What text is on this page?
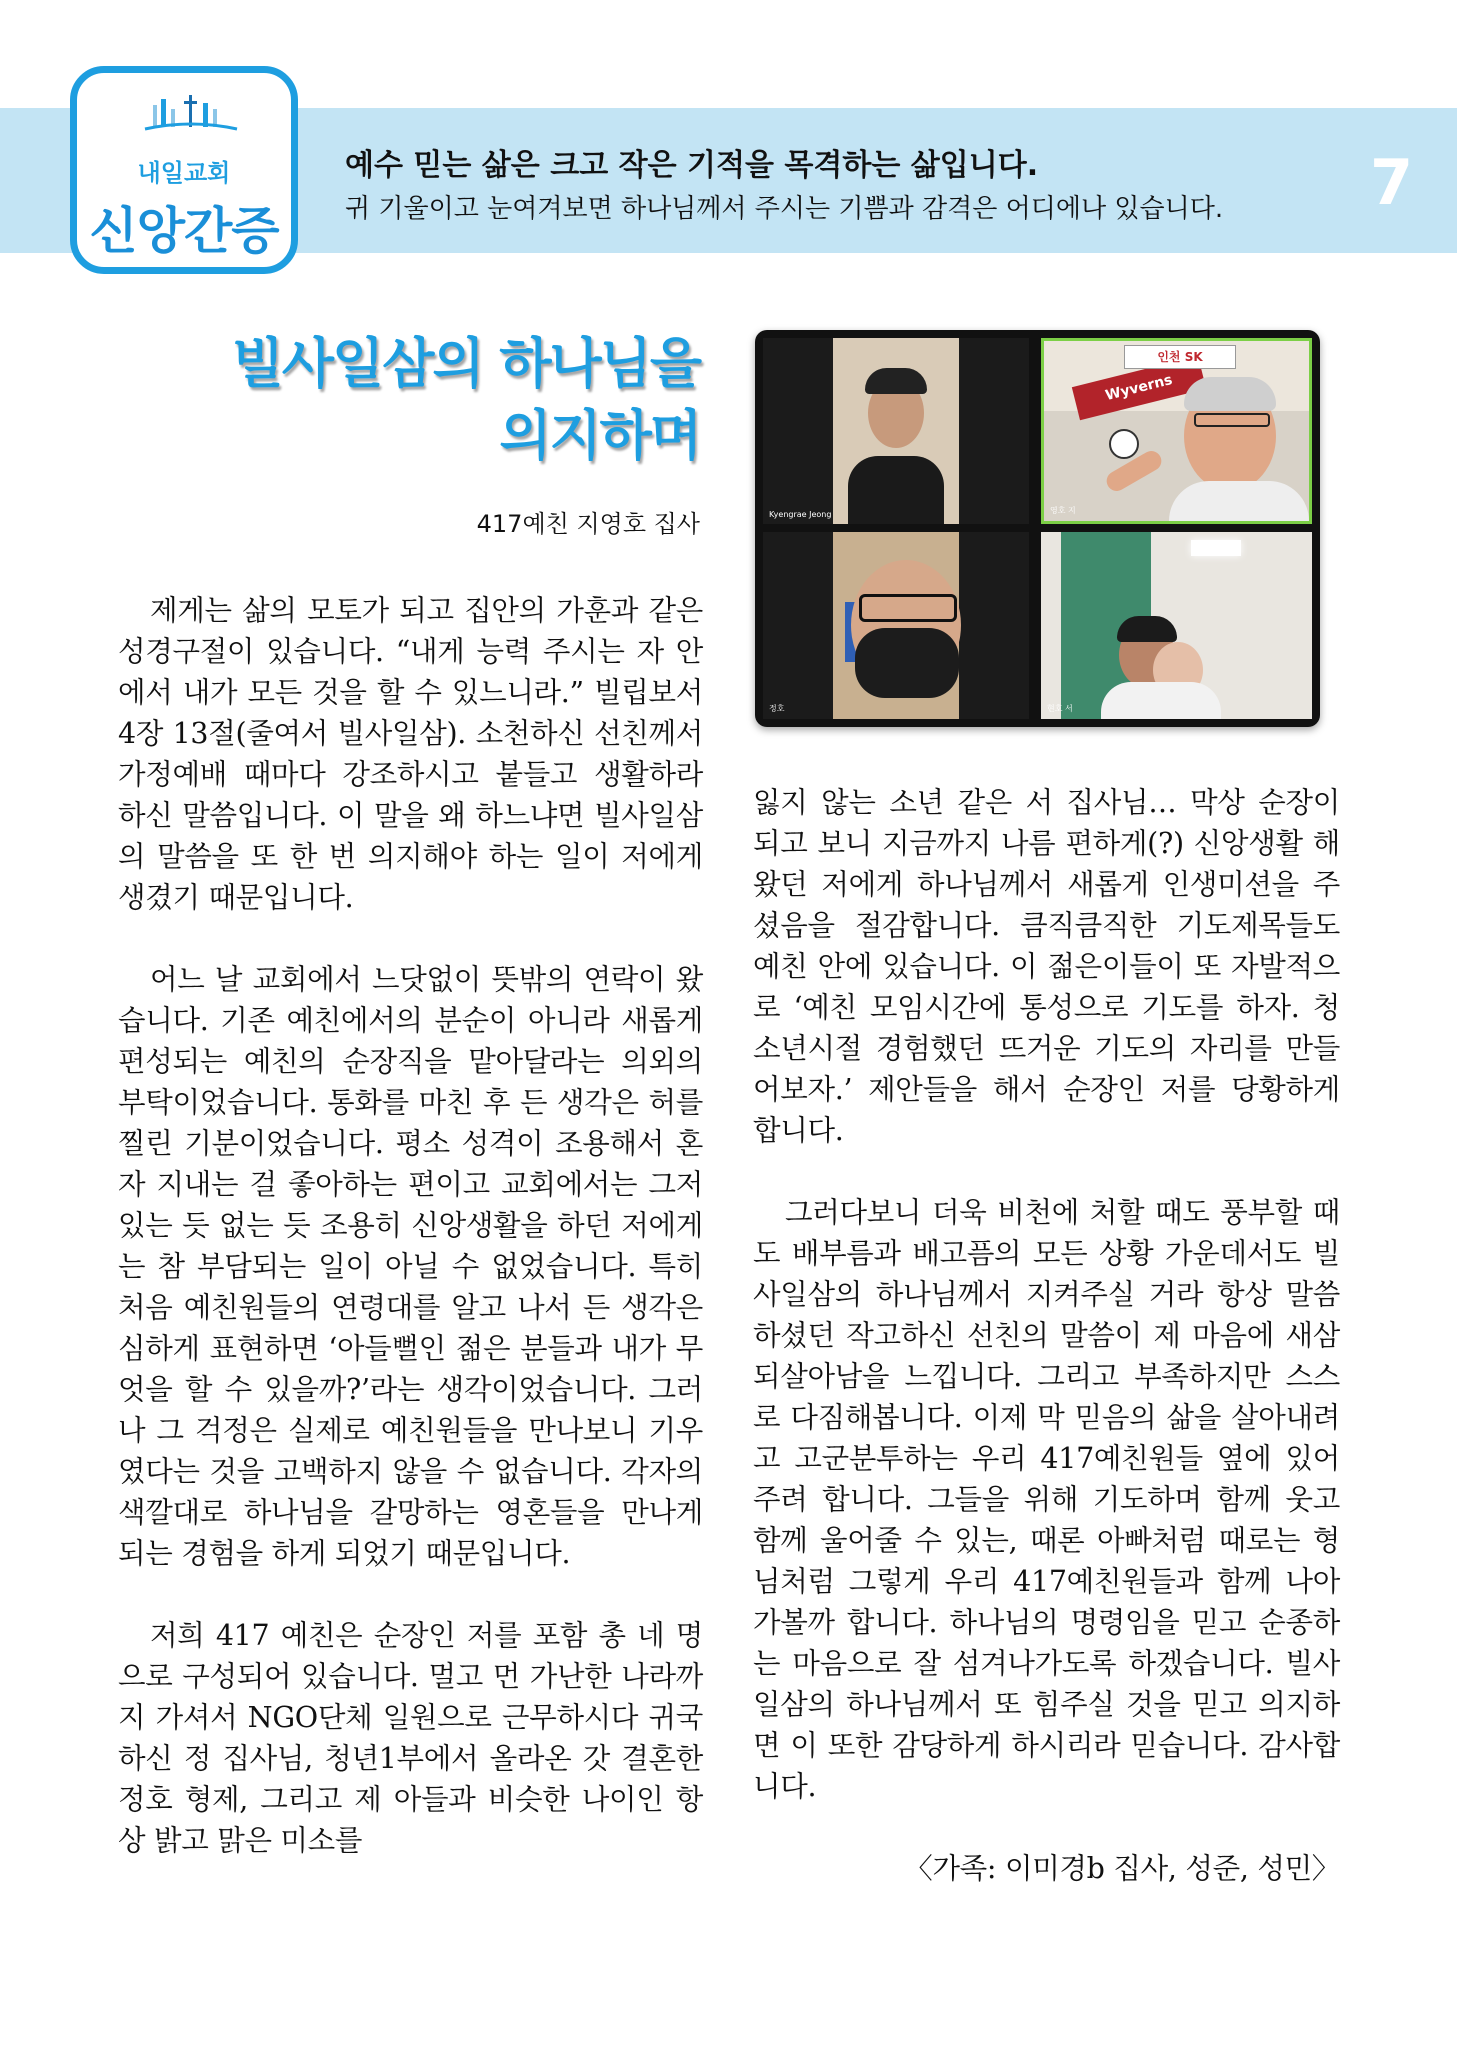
내일교회
신앙간증
예수 믿는 삶은 크고 작은 기적을 목격하는 삶입니다.
귀 기울이고 눈여겨보면 하나님께서 주시는 기쁨과 감격은 어디에나 있습니다. 7
빌사일삼의 하나님을
의지하며
417예친 지영호 집사

제게는 삶의 모토가 되고 집안의 가훈과 같은 성경구절이 있습니다. “내게 능력 주시는 자 안에서 내가 모든 것을 할 수 있느니라.” 빌립보서 4장 13절(줄여서 빌사일삼). 소천하신 선친께서 가정예배 때마다 강조하시고 붙들고 생활하라 하신 말씀입니다. 이 말을 왜 하느냐면 빌사일삼의 말씀을 또 한 번 의지해야 하는 일이 저에게 생겼기 때문입니다.

어느 날 교회에서 느닷없이 뜻밖의 연락이 왔습니다. 기존 예친에서의 분순이 아니라 새롭게 편성되는 예친의 순장직을 맡아달라는 의외의 부탁이었습니다. 통화를 마친 후 든 생각은 허를 찔린 기분이었습니다. 평소 성격이 조용해서 혼자 지내는 걸 좋아하는 편이고 교회에서는 그저 있는 듯 없는 듯 조용히 신앙생활을 하던 저에게는 참 부담되는 일이 아닐 수 없었습니다. 특히 처음 예친원들의 연령대를 알고 나서 든 생각은 심하게 표현하면 ‘아들뻘인 젊은 분들과 내가 무엇을 할 수 있을까?’라는 생각이었습니다. 그러나 그 걱정은 실제로 예친원들을 만나보니 기우였다는 것을 고백하지 않을 수 없습니다. 각자의 색깔대로 하나님을 갈망하는 영혼들을 만나게 되는 경험을 하게 되었기 때문입니다.

저희 417 예친은 순장인 저를 포함 총 네 명으로 구성되어 있습니다. 멀고 먼 가난한 나라까지 가셔서 NGO단체 일원으로 근무하시다 귀국하신 정 집사님, 청년1부에서 올라온 갓 결혼한 정호 형제, 그리고 제 아들과 비슷한 나이인 항상 밝고 맑은 미소를

Kyengrae Jeong
Wyverns
인천 SK
영호 지
정호	현호 서

잃지 않는 소년 같은 서 집사님… 막상 순장이 되고 보니 지금까지 나름 편하게(?) 신앙생활 해왔던 저에게 하나님께서 새롭게 인생미션을 주셨음을 절감합니다. 큼직큼직한 기도제목들도 예친 안에 있습니다. 이 젊은이들이 또 자발적으로 ‘예친 모임시간에 통성으로 기도를 하자. 청소년시절 경험했던 뜨거운 기도의 자리를 만들어보자.’ 제안들을 해서 순장인 저를 당황하게 합니다.

그러다보니 더욱 비천에 처할 때도 풍부할 때도 배부름과 배고픔의 모든 상황 가운데서도 빌사일삼의 하나님께서 지켜주실 거라 항상 말씀하셨던 작고하신 선친의 말씀이 제 마음에 새삼 되살아남을 느낍니다. 그리고 부족하지만 스스로 다짐해봅니다. 이제 막 믿음의 삶을 살아내려고 고군분투하는 우리 417예친원들 옆에 있어주려 합니다. 그들을 위해 기도하며 함께 웃고 함께 울어줄 수 있는, 때론 아빠처럼 때로는 형님처럼 그렇게 우리 417예친원들과 함께 나아가볼까 합니다. 하나님의 명령임을 믿고 순종하는 마음으로 잘 섬겨나가도록 하겠습니다. 빌사일삼의 하나님께서 또 힘주실 것을 믿고 의지하면 이 또한 감당하게 하시리라 믿습니다. 감사합니다.

〈가족: 이미경b 집사, 성준, 성민〉
